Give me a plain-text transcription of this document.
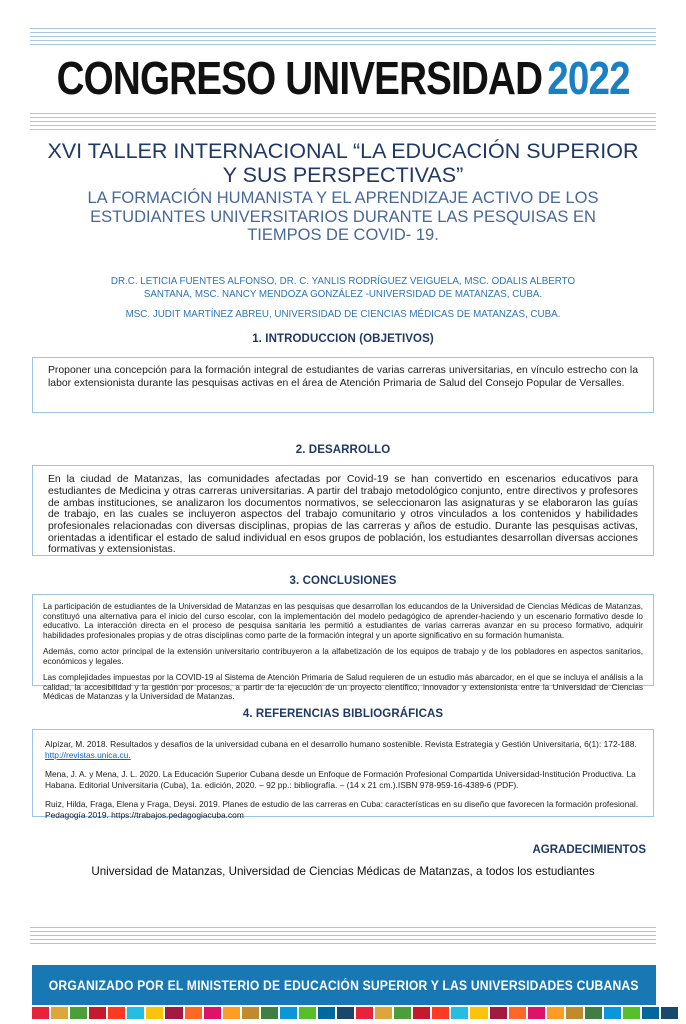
CONGRESO UNIVERSIDAD 2022
XVI TALLER INTERNACIONAL “LA EDUCACIÓN SUPERIOR Y SUS PERSPECTIVAS”
LA FORMACIÓN HUMANISTA Y EL APRENDIZAJE ACTIVO DE LOS ESTUDIANTES UNIVERSITARIOS DURANTE LAS PESQUISAS EN TIEMPOS DE COVID- 19.
DR.C. LETICIA FUENTES ALFONSO, DR. C. YANLIS RODRÍGUEZ VEIGUELA, MSC. ODALIS ALBERTO SANTANA, MSC. NANCY MENDOZA GONZÁLEZ -UNIVERSIDAD DE MATANZAS, CUBA.
MSC. JUDIT MARTÍNEZ ABREU, UNIVERSIDAD DE CIENCIAS MÉDICAS DE MATANZAS, CUBA.
1. INTRODUCCION (OBJETIVOS)
Proponer una concepción para la formación integral de estudiantes de varias carreras universitarias, en vínculo estrecho con la labor extensionista durante las pesquisas activas en el área de Atención Primaria de Salud del Consejo Popular de Versalles.
2. DESARROLLO
En la ciudad de Matanzas, las comunidades afectadas por Covid-19 se han convertido en escenarios educativos para estudiantes de Medicina y otras carreras universitarias. A partir del trabajo metodológico conjunto, entre directivos y profesores de ambas instituciones, se analizaron los documentos normativos, se seleccionaron las asignaturas y se elaboraron las guías de trabajo, en las cuales se incluyeron aspectos del trabajo comunitario y otros vinculados a los contenidos y habilidades profesionales relacionadas con diversas disciplinas, propias de las carreras y años de estudio. Durante las pesquisas activas, orientadas a identificar el estado de salud individual en esos grupos de población, los estudiantes desarrollan diversas acciones formativas y extensionistas.
3. CONCLUSIONES

La participación de estudiantes de la Universidad de Matanzas en las pesquisas que desarrollan los educandos de la Universidad de Ciencias Médicas de Matanzas, constituyó una alternativa para el inicio del curso escolar, con la implementación del modelo pedagógico de aprender-haciendo y un escenario formativo desde lo educativo. La interacción directa en el proceso de pesquisa sanitaria les permitió a estudiantes de varias carreras avanzar en su proceso formativo, adquirir habilidades profesionales propias y de otras disciplinas como parte de la formación integral y un aporte significativo en su formación humanista.

Además, como actor principal de la extensión universitario contribuyeron a la alfabetización de los equipos de trabajo y de los pobladores en aspectos sanitarios, económicos y legales.

Las complejidades impuestas por la COVID-19 al Sistema de Atención Primaria de Salud requieren de un estudio más abarcador, en el que se incluya el análisis a la calidad, la accesibilidad y la gestión por procesos, a partir de la ejecución de un proyecto científico, innovador y extensionista entre la Universidad de Ciencias Médicas de Matanzas y la Universidad de Matanzas.

4. REFERENCIAS BIBLIOGRÁFICAS
Alpízar, M. 2018. Resultados y desafíos de la universidad cubana en el desarrollo humano sostenible. Revista Estrategia y Gestión Universitaria, 6(1): 172-188.
http://revistas.unica.cu.
Mena, J. A. y Mena, J. L. 2020. La Educación Superior Cubana desde un Enfoque de Formación Profesional Compartida Universidad-Institución Productiva. La Habana. Editorial Universitaria (Cuba), 1a. edición, 2020. – 92 pp.: bibliografía. – (14 x 21 cm.).ISBN 978-959-16-4389-6 (PDF).
Ruiz, Hilda, Fraga, Elena y Fraga, Deysi. 2019. Planes de estudio de las carreras en Cuba: características en su diseño que favorecen la formación profesional. Pedagogía 2019. https://trabajos.pedagogiacuba.com
AGRADECIMIENTOS
Universidad de Matanzas, Universidad de Ciencias Médicas de Matanzas, a todos los estudiantes
ORGANIZADO POR EL MINISTERIO DE EDUCACIÓN SUPERIOR Y LAS UNIVERSIDADES CUBANAS
